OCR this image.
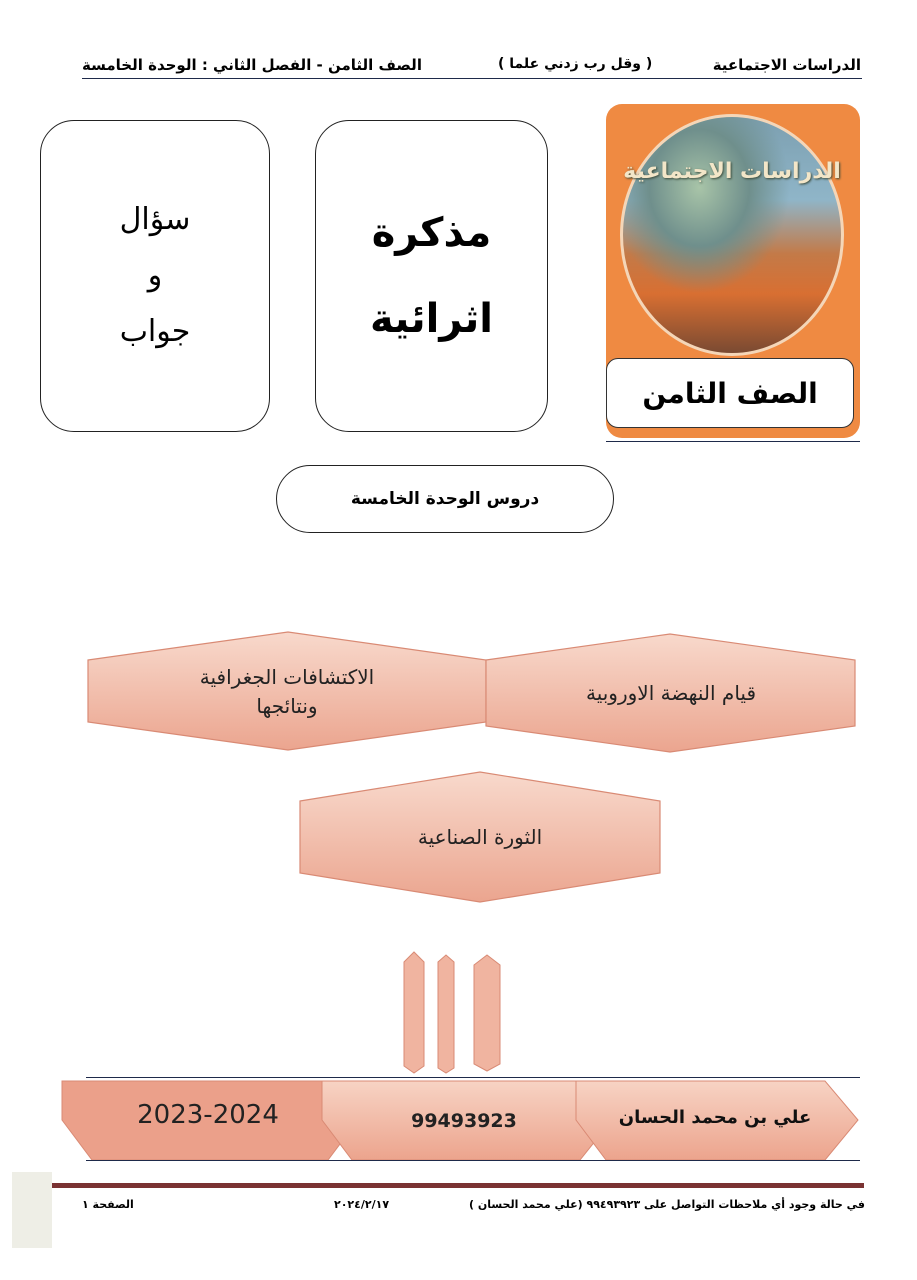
الدراسات الاجتماعية
( وقل رب زدني علما )
الصف الثامن - الفصل الثاني : الوحدة الخامسة
سؤال
و
جواب
مذكرة
اثرائية
الدراسات الاجتماعية
الصف الثامن
دروس الوحدة الخامسة
قيام النهضة الاوروبية
الاكتشافات الجغرافية
ونتائجها
الثورة الصناعية
2023-2024	99493923	علي بن محمد الحسان
في حالة وجود أي ملاحظات التواصل على ٩٩٤٩٣٩٢٣ (علي محمد الحسان )
٢٠٢٤/٢/١٧
الصفحة ١
